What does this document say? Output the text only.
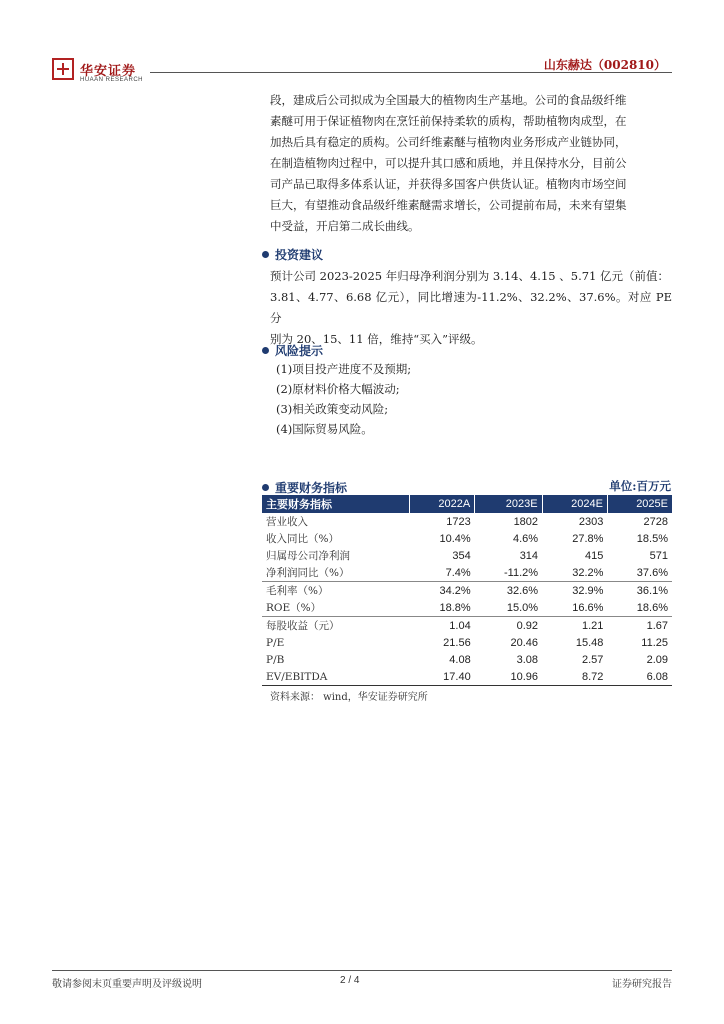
华安证券
HUAAN RESEARCH
山东赫达（002810）
段，建成后公司拟成为全国最大的植物肉生产基地。公司的食品级纤维
素醚可用于保证植物肉在烹饪前保持柔软的质构，帮助植物肉成型，在
加热后具有稳定的质构。公司纤维素醚与植物肉业务形成产业链协同，
在制造植物肉过程中，可以提升其口感和质地，并且保持水分，目前公
司产品已取得多体系认证，并获得多国客户供货认证。植物肉市场空间
巨大，有望推动食品级纤维素醚需求增长，公司提前布局，未来有望集
中受益，开启第二成长曲线。
投资建议
预计公司 2023-2025 年归母净利润分别为 3.14、4.15 、5.71 亿元（前值：
3.81、4.77、6.68 亿元），同比增速为-11.2%、32.2%、37.6%。对应 PE 分
别为 20、15、11 倍，维持“买入”评级。
风险提示
(1)项目投产进度不及预期;
(2)原材料价格大幅波动;
(3)相关政策变动风险;
(4)国际贸易风险。
重要财务指标	单位:百万元
主要财务指标	2022A	2023E	2024E	2025E
营业收入	1723	1802	2303	2728
收入同比（%）	10.4%	4.6%	27.8%	18.5%
归属母公司净利润	354	314	415	571
净利润同比（%）	7.4%	-11.2%	32.2%	37.6%
毛利率（%）	34.2%	32.6%	32.9%	36.1%
ROE（%）	18.8%	15.0%	16.6%	18.6%
每股收益（元）	1.04	0.92	1.21	1.67
P/E	21.56	20.46	15.48	11.25
P/B	4.08	3.08	2.57	2.09
EV/EBITDA	17.40	10.96	8.72	6.08
资料来源： wind，华安证券研究所
敬请参阅末页重要声明及评级说明	2 / 4	证券研究报告
